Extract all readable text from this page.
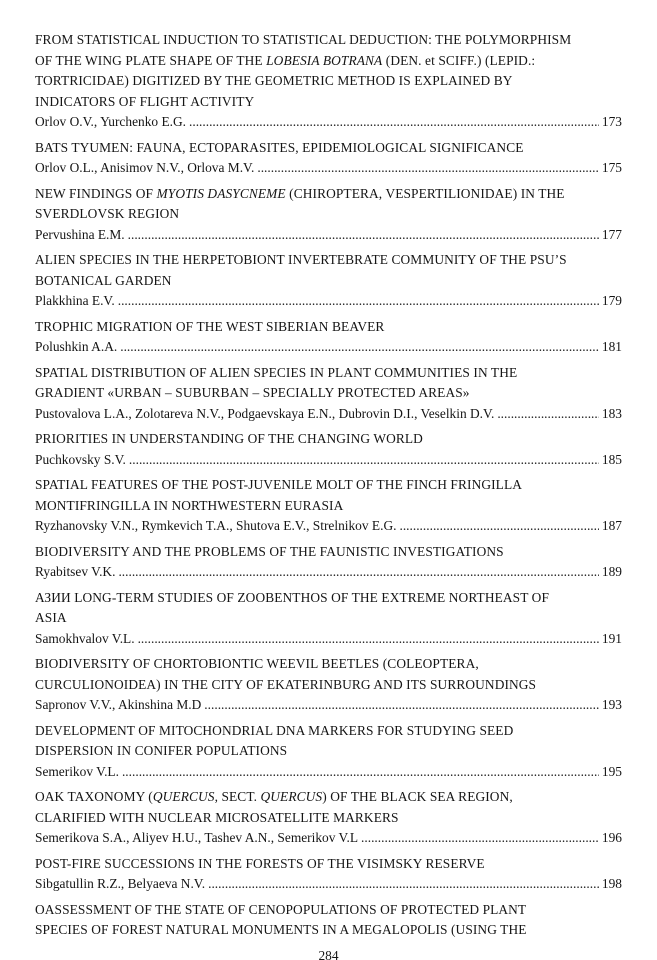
FROM STATISTICAL INDUCTION TO STATISTICAL DEDUCTION: THE POLYMORPHISM
OF THE WING PLATE SHAPE OF THE LOBESIA BOTRANA (DEN. et SCIFF.) (LEPID.:
TORTRICIDAE) DIGITIZED BY THE GEOMETRIC METHOD IS EXPLAINED BY
INDICATORS OF FLIGHT ACTIVITY
Orlov O.V., Yurchenko E.G. .....	173
BATS TYUMEN: FAUNA, ECTOPARASITES, EPIDEMIOLOGICAL SIGNIFICANCE
Orlov O.L., Anisimov N.V., Orlova M.V. .....	175
NEW FINDINGS OF MYOTIS DASYCNEME (CHIROPTERA, VESPERTILIONIDAE) IN THE
SVERDLOVSK REGION
Pervushina E.M. .....	177
ALIEN SPECIES IN THE HERPETOBIONT INVERTEBRATE COMMUNITY OF THE PSU’S
BOTANICAL GARDEN
Plakkhina E.V. .....	179
TROPHIC MIGRATION OF THE WEST SIBERIAN BEAVER
Polushkin A.A. .....	181
SPATIAL DISTRIBUTION OF ALIEN SPECIES IN PLANT COMMUNITIES IN THE
GRADIENT «URBAN – SUBURBAN – SPECIALLY PROTECTED AREAS»
Pustovalova L.A., Zolotareva N.V., Podgaevskaya E.N., Dubrovin D.I., Veselkin D.V. .....	183
PRIORITIES IN UNDERSTANDING OF THE CHANGING WORLD
Puchkovsky S.V. .....	185
SPATIAL FEATURES OF THE POST-JUVENILE MOLT OF THE FINCH FRINGILLA
MONTIFRINGILLA IN NORTHWESTERN EURASIA
Ryzhanovsky V.N., Rymkevich T.A., Shutova E.V., Strelnikov E.G. .....	187
BIODIVERSITY AND THE PROBLEMS OF THE FAUNISTIC INVESTIGATIONS
Ryabitsev V.K. .....	189
АЗИИ LONG-TERM STUDIES OF ZOOBENTHOS OF THE EXTREME NORTHEAST OF
ASIA
Samokhvalov V.L. .....	191
BIODIVERSITY OF CHORTOBIONTIC WEEVIL BEETLES (COLEOPTERA,
CURCULIONOIDEA) IN THE CITY OF EKATERINBURG AND ITS SURROUNDINGS
Sapronov V.V., Akinshina M.D .....	193
DEVELOPMENT OF MITOCHONDRIAL DNA MARKERS FOR STUDYING SEED
DISPERSION IN CONIFER POPULATIONS
Semerikov V.L. .....	195
OAK TAXONOMY (QUERCUS, SECT. QUERCUS) OF THE BLACK SEA REGION,
CLARIFIED WITH NUCLEAR MICROSATELLITE MARKERS
Semerikova S.A., Aliyev H.U., Tashev A.N., Semerikov V.L .....	196
POST-FIRE SUCCESSIONS IN THE FORESTS OF THE VISIMSKY RESERVE
Sibgatullin R.Z., Belyaeva N.V. .....	198
OASSESSMENT OF THE STATE OF CENOPOPULATIONS OF PROTECTED PLANT
SPECIES OF FOREST NATURAL MONUMENTS IN A MEGALOPOLIS (USING THE
284
